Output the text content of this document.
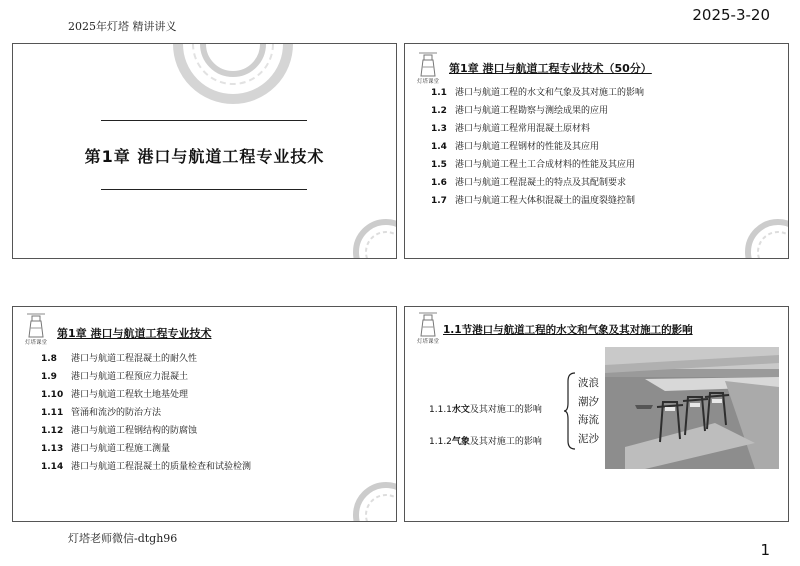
2025年灯塔 精讲讲义
2025-3-20
第1章 港口与航道工程专业技术
灯塔课堂
第1章 港口与航道工程专业技术（50分）
1.1 港口与航道工程的水文和气象及其对施工的影响
1.2 港口与航道工程勘察与测绘成果的应用
1.3 港口与航道工程常用混凝土原材料
1.4 港口与航道工程钢材的性能及其应用
1.5 港口与航道工程土工合成材料的性能及其应用
1.6 港口与航道工程混凝土的特点及其配制要求
1.7 港口与航道工程大体积混凝土的温度裂缝控制
灯塔课堂
第1章 港口与航道工程专业技术
1.8 港口与航道工程混凝土的耐久性
1.9 港口与航道工程预应力混凝土
1.10 港口与航道工程软土地基处理
1.11 管涌和流沙的防治方法
1.12 港口与航道工程钢结构的防腐蚀
1.13 港口与航道工程施工测量
1.14 港口与航道工程混凝土的质量检查和试验检测
灯塔课堂
1.1节港口与航道工程的水文和气象及其对施工的影响
1.1.1水文及其对施工的影响
1.1.2气象及其对施工的影响
波浪
潮汐
海流
泥沙
灯塔老师微信-dtgh96
1
